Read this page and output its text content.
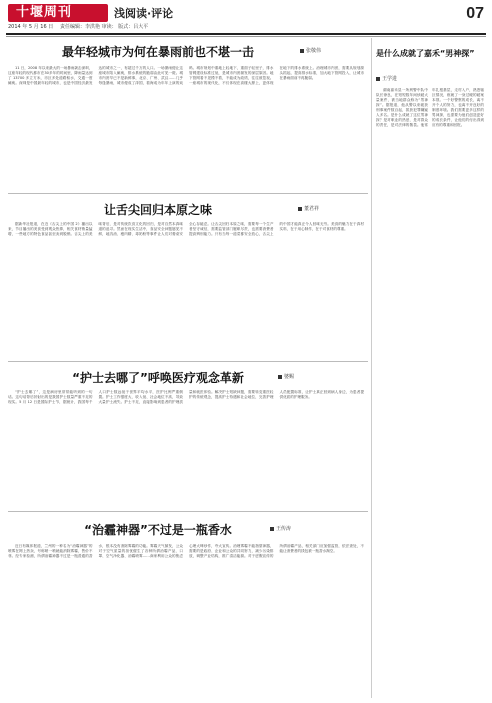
十堰周刊	浅阅读·评论	07
2014 年 5 月 16 日 责任编辑：李洪艳 审读： 版式：吕大平
最年轻城市为何在暴雨前也不堪一击	张敬伟

11 日，2008 年以来最大的一场暴雨袭击深圳，这座年轻的现代都市在30多年的时间里，降雨量达到了 13700 多立方米，市区多处道路积水，交通一度瘫痪。深圳是中国最年轻的城市，也是中国经济最发达的城市之一，有超过千万的人口。一场暴雨便让这座城市陷入瘫痪，排水系统的脆弱由此可见一斑。城市内涝早已不是新鲜事，北京、广州、武汉……几乎每逢暴雨，城市便成了泽国，看海成为年年上演的戏码。城市规划中重地上轻地下，重面子轻里子，排水管网建设标准过低，是城市内涝频发的深层原因。地下管网看不见摸不着，不能成为政绩，往往被忽视。一座城市的现代化，不仅体现在高楼大厦上，更体现在地下的排水系统上。治理城市内涝，需要从规划源头抓起，提高排水标准，加大地下管网投入，让城市在暴雨面前不再脆弱。

让舌尖回归本原之味	董君祥

据新华社报道，在近《舌尖上的中国 2》播出以来，节目播出的美食受到观众热捧，相关食材销量猛增，一些地方的特色食品甚至卖到脱销。舌尖上的美味背后，是对传统饮食文化的回归，是对自然本真味道的追寻。然而在现实生活中，食品安全问题屡见不鲜，地沟油、瘦肉精、毒奶粉等事件让人们对餐桌安全心存疑虑。让舌尖回归本原之味，需要每一个生产者坚守诚信，需要监管部门履职尽责，也需要消费者提高辨别能力。只有当每一道菜都安全放心，舌尖上的中国才能真正令人回味无穷。美食的魅力在于真材实料，在于用心制作，在于对食材的尊重。

“护士去哪了”呼唤医疗观念革新	婆赐

“护士去哪了”，这是病房里常常能听到的一句话。这句话背后折射出的是我国护士数量严重不足的现实。5 月 12 日是国际护士节，据统计，我国每千人口护士数远低于世界平均水平，医护比例严重倒置。护士工作强度大、收入低、社会地位不高，导致大量护士流失。护士不足，直接影响到患者的护理质量和就医体验。解决护士短缺问题，需要转变重医轻护的传统观念，提高护士待遇和社会地位，完善护理人员配置标准，让护士真正回到病人身边，为患者提供优质的护理服务。

“治霾神器”不过是一瓶香水	王传涛

近日有媒体报道，兰州的一种名为“治霾神器”的喷雾在网上热卖，号称喷一喷就能消除雾霾，售价不菲。经专家检测，所谓治霾神器不过是一瓶普通的香水，根本没有消除雾霾的功能。雾霾天气频发，公众对于空气质量的担忧催生了各种所谓治霾产品，口罩、空气净化器、治霾喷雾……商家利用公众的焦虑心理大肆炒作，夸大宣传。治理雾霾不能指望神器，需要的是政府、企业和公众的共同努力，减少污染排放，调整产业结构，推广清洁能源。对于虚假宣传的所谓治霾产品，相关部门应加强监管，依法查处，不能让消费者的钱包被一瓶香水掏空。

是什么成就了嘉禾“男神探”
王学进

湖南嘉禾县一所刑警中队中队长徐良，在短短数年间侦破大量案件，被当地群众称为“男神探”。据报道，他从警以来破获刑事案件数百起，抓获犯罪嫌疑人多名。是什么成就了这位男神探？是对职业的热爱，是对群众的责任，是对法律的敬畏。他常年扎根基层，走村入户，熟悉辖区情况，练就了一身过硬的破案本领。一个好警察的成长，离不开个人的努力，也离不开良好的制度环境。我们需要更多这样的男神探，也需要为他们创造更好的成长条件，让他们的付出得到应有的尊重和回报。
